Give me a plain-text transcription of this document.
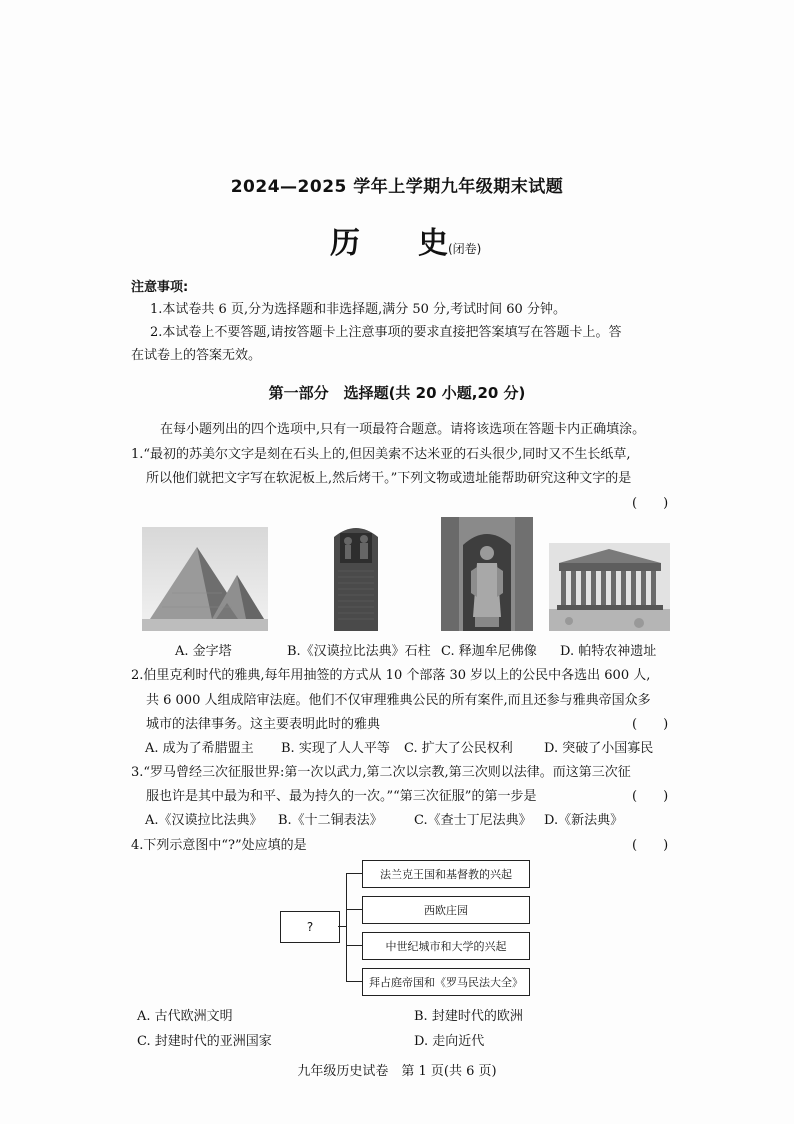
2024—2025 学年上学期九年级期末试题
历 史(闭卷)
注意事项:
1.本试卷共 6 页,分为选择题和非选择题,满分 50 分,考试时间 60 分钟。
2.本试卷上不要答题,请按答题卡上注意事项的要求直接把答案填写在答题卡上。答
在试卷上的答案无效。
第一部分　选择题(共 20 小题,20 分)
在每小题列出的四个选项中,只有一项最符合题意。请将该选项在答题卡内正确填涂。
1.“最初的苏美尔文字是刻在石头上的,但因美索不达米亚的石头很少,同时又不生长纸草,
所以他们就把文字写在软泥板上,然后烤干。”下列文物或遗址能帮助研究这种文字的是
(　　)
A. 金字塔	B.《汉谟拉比法典》石柱 C. 释迦牟尼佛像 D. 帕特农神遗址
2.伯里克利时代的雅典,每年用抽签的方式从 10 个部落 30 岁以上的公民中各选出 600 人,
共 6 000 人组成陪审法庭。他们不仅审理雅典公民的所有案件,而且还参与雅典帝国众多
城市的法律事务。这主要表明此时的雅典	(　　)
A. 成为了希腊盟主 B. 实现了人人平等 C. 扩大了公民权利 D. 突破了小国寡民
3.“罗马曾经三次征服世界:第一次以武力,第二次以宗教,第三次则以法律。而这第三次征
服也许是其中最为和平、最为持久的一次。”“第三次征服”的第一步是	(　　)
A.《汉谟拉比法典》 B.《十二铜表法》 C.《查士丁尼法典》 D.《新法典》
4.下列示意图中“?”处应填的是	(　　)
?
法兰克王国和基督教的兴起
西欧庄园
中世纪城市和大学的兴起
拜占庭帝国和《罗马民法大全》
A. 古代欧洲文明	B. 封建时代的欧洲
C. 封建时代的亚洲国家	D. 走向近代
九年级历史试卷　第 1 页(共 6 页)
